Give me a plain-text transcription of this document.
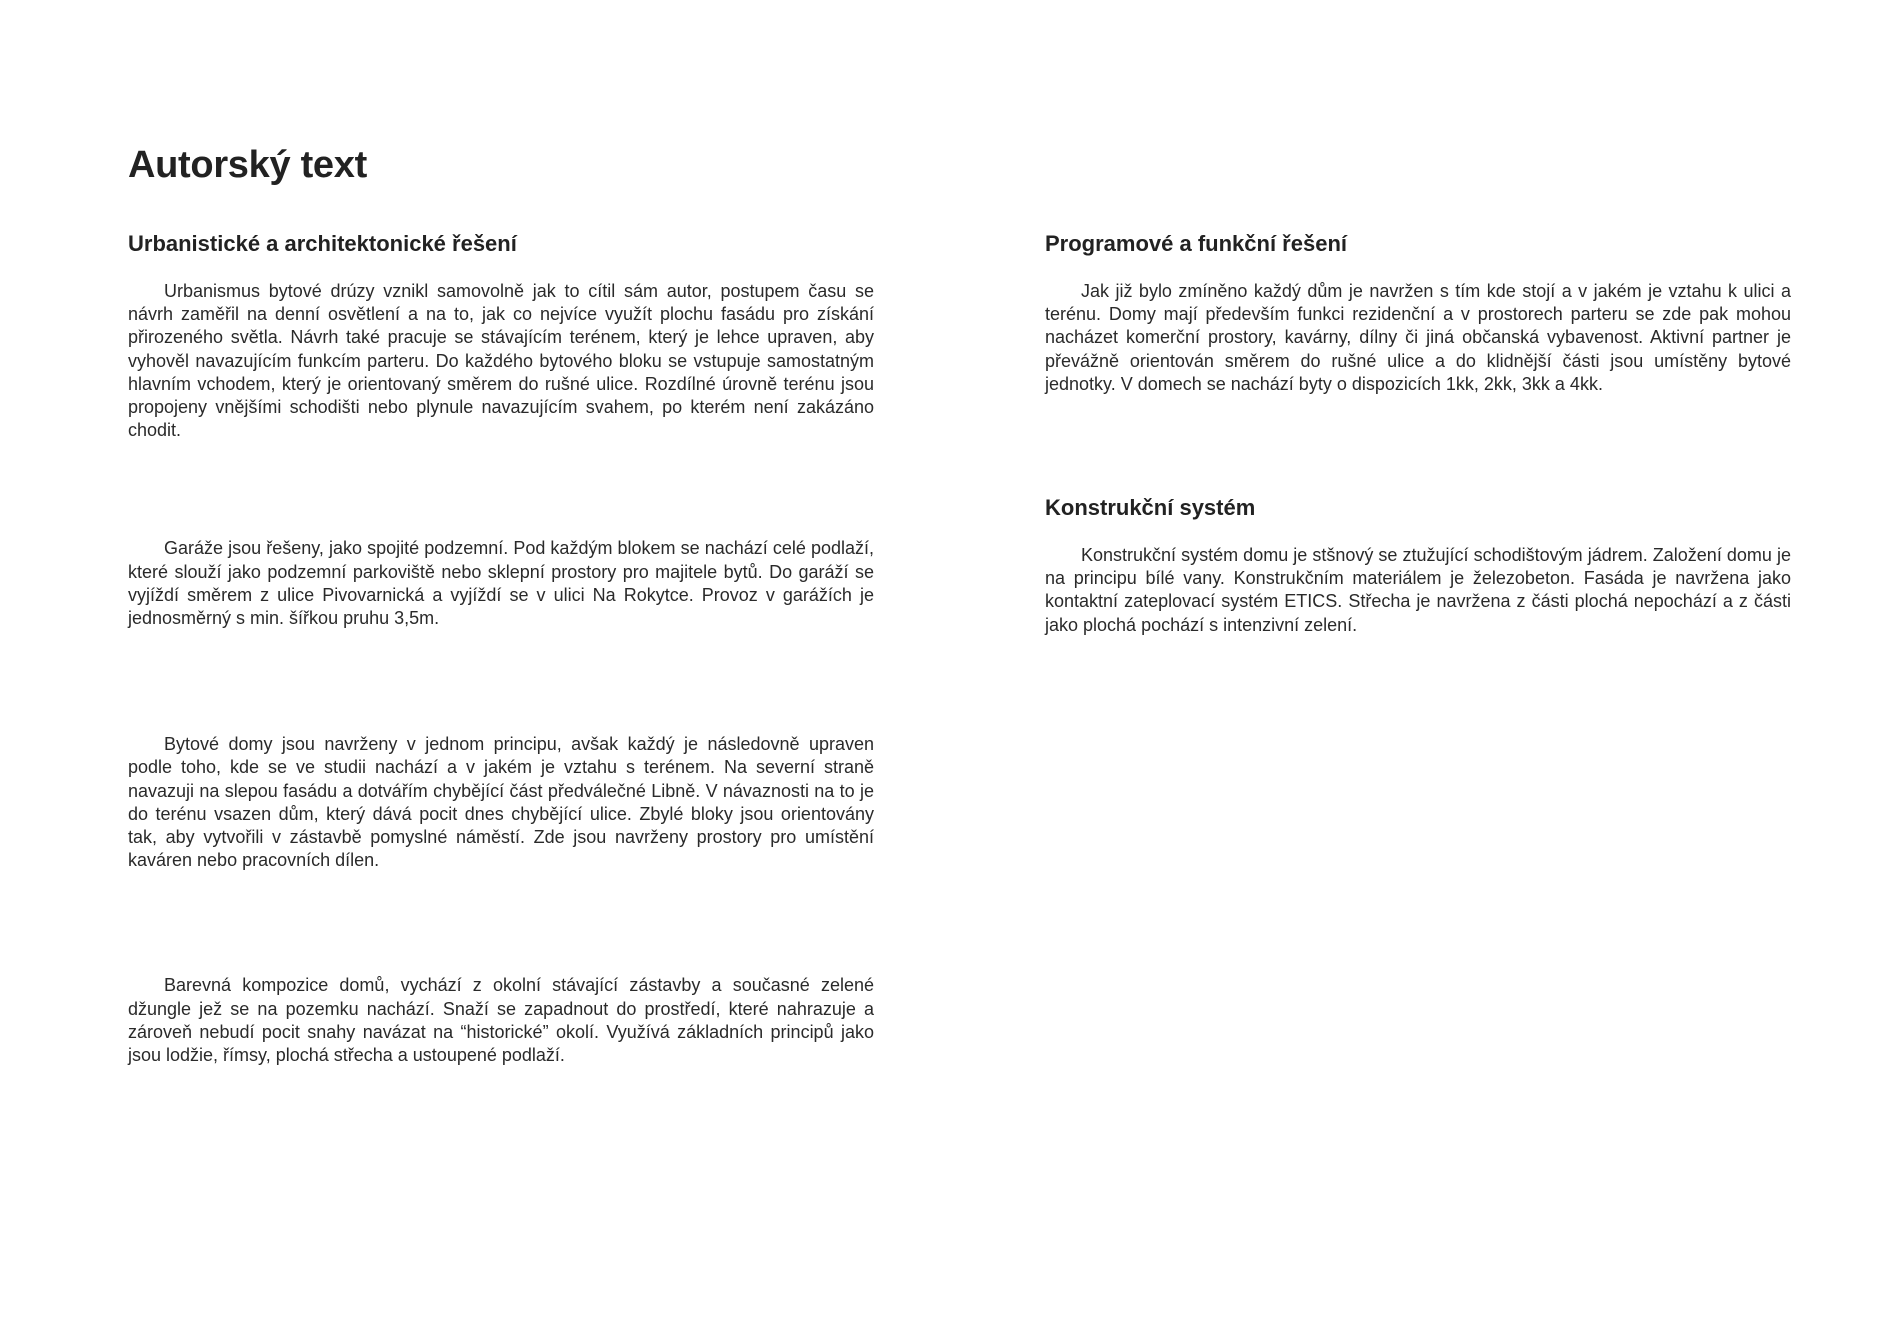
Autorský text
Urbanistické a architektonické řešení

Urbanismus bytové drúzy vznikl samovolně jak to cítil sám autor, postupem času se návrh zaměřil na denní osvětlení a na to, jak co nejvíce využít plochu fasádu pro získání přirozeného světla. Návrh také pracuje se stávajícím terénem, který je lehce upraven, aby vyhověl navazujícím funkcím parteru. Do každého bytového bloku se vstupuje samostatným hlavním vchodem, který je orientovaný směrem do rušné ulice. Rozdílné úrovně terénu jsou propojeny vnějšími schodišti nebo plynule navazujícím svahem, po kterém není zakázáno chodit.

Garáže jsou řešeny, jako spojité podzemní. Pod každým blokem se nachází celé podlaží, které slouží jako podzemní parkoviště nebo sklepní prostory pro majitele bytů. Do garáží se vyjíždí směrem z ulice Pivovarnická a vyjíždí se v ulici Na Rokytce. Provoz v garážích je jednosměrný s min. šířkou pruhu 3,5m.

Bytové domy jsou navrženy v jednom principu, avšak každý je následovně upraven podle toho, kde se ve studii nachází a v jakém je vztahu s terénem. Na severní straně navazuji na slepou fasádu a dotvářím chybějící část předválečné Libně. V návaznosti na to je do terénu vsazen dům, který dává pocit dnes chybějící ulice. Zbylé bloky jsou orientovány tak, aby vytvořili v zástavbě pomyslné náměstí. Zde jsou navrženy prostory pro umístění kaváren nebo pracovních dílen.

Barevná kompozice domů, vychází z okolní stávající zástavby a současné zelené džungle jež se na pozemku nachází. Snaží se zapadnout do prostředí, které nahrazuje a zároveň nebudí pocit snahy navázat na “historické” okolí. Využívá základních principů jako jsou lodžie, římsy, plochá střecha a ustoupené podlaží.

Programové a funkční řešení

Jak již bylo zmíněno každý dům je navržen s tím kde stojí a v jakém je vztahu k ulici a terénu. Domy mají především funkci rezidenční a v prostorech parteru se zde pak mohou nacházet komerční prostory, kavárny, dílny či jiná občanská vybavenost. Aktivní partner je převážně orientován směrem do rušné ulice a do klidnější části jsou umístěny bytové jednotky. V domech se nachází byty o dispozicích 1kk, 2kk, 3kk a 4kk.

Konstrukční systém

Konstrukční systém domu je stšnový se ztužující schodištovým jádrem. Založení domu je na principu bílé vany. Konstrukčním materiálem je železobeton. Fasáda je navržena jako kontaktní zateplovací systém ETICS. Střecha je navržena z části plochá nepochází a z části jako plochá pochází s intenzivní zelení.
